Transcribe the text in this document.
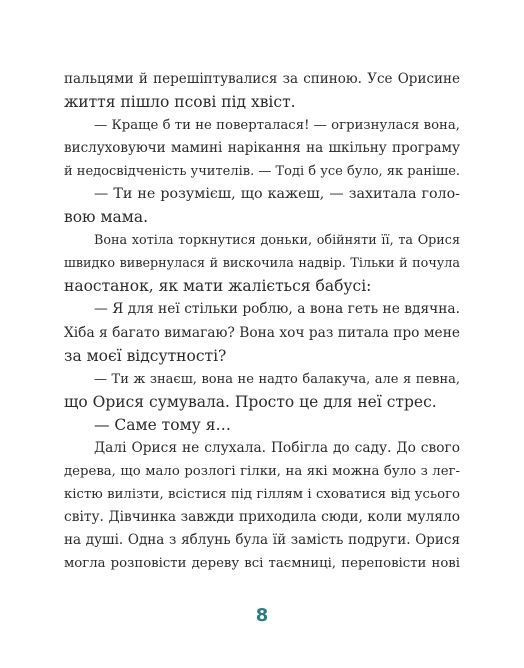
пальцями й перешіптувалися за спиною. Усе Орисине
життя пішло псові під хвіст.
— Краще б ти не поверталася! — огризнулася вона,
вислуховуючи мамині нарікання на шкільну програму
й недосвідченість учителів. — Тоді б усе було, як раніше.
— Ти не розумієш, що кажеш, — захитала голо-
вою мама.
Вона хотіла торкнутися доньки, обійняти її, та Орися
швидко вивернулася й вискочила надвір. Тільки й почула
наостанок, як мати жаліється бабусі:
— Я для неї стільки роблю, а вона геть не вдячна.
Хіба я багато вимагаю? Вона хоч раз питала про мене
за моєї відсутності?
— Ти ж знаєш, вона не надто балакуча, але я певна,
що Орися сумувала. Просто це для неї стрес.
— Саме тому я…
Далі Орися не слухала. Побігла до саду. До свого
дерева, що мало розлогі гілки, на які можна було з лег-
кістю вилізти, всістися під гіллям і сховатися від усього
світу. Дівчинка завжди приходила сюди, коли муляло
на душі. Одна з яблунь була їй замість подруги. Орися
могла розповісти дереву всі таємниці, переповісти нові
8
